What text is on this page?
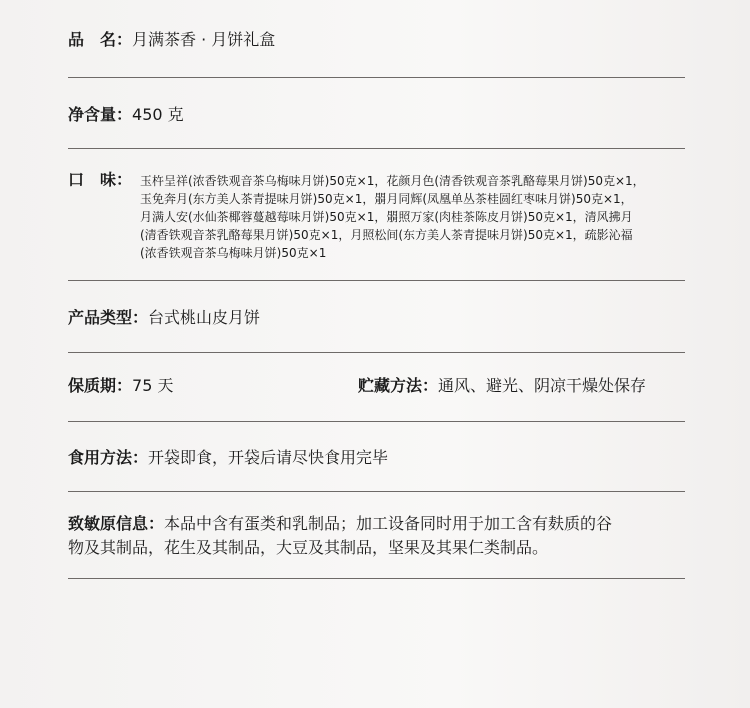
品　名：月满茶香 · 月饼礼盒
净含量：450 克
口　味： 玉杵呈祥(浓香铁观音茶乌梅味月饼)50克×1，花颜月色(清香铁观音茶乳酪莓果月饼)50克×1，
玉免奔月(东方美人茶青提味月饼)50克×1，朤月同辉(凤凰单丛茶桂圆红枣味月饼)50克×1，
月满人安(水仙茶椰蓉蔓越莓味月饼)50克×1，朤照万家(肉桂茶陈皮月饼)50克×1，清风拂月
(清香铁观音茶乳酪莓果月饼)50克×1，月照松间(东方美人茶青提味月饼)50克×1，疏影沁福
(浓香铁观音茶乌梅味月饼)50克×1
产品类型：台式桃山皮月饼
保质期：75 天	贮藏方法：通风、避光、阴凉干燥处保存
食用方法：开袋即食，开袋后请尽快食用完毕
致敏原信息：本品中含有蛋类和乳制品；加工设备同时用于加工含有麸质的谷
物及其制品，花生及其制品，大豆及其制品，坚果及其果仁类制品。
